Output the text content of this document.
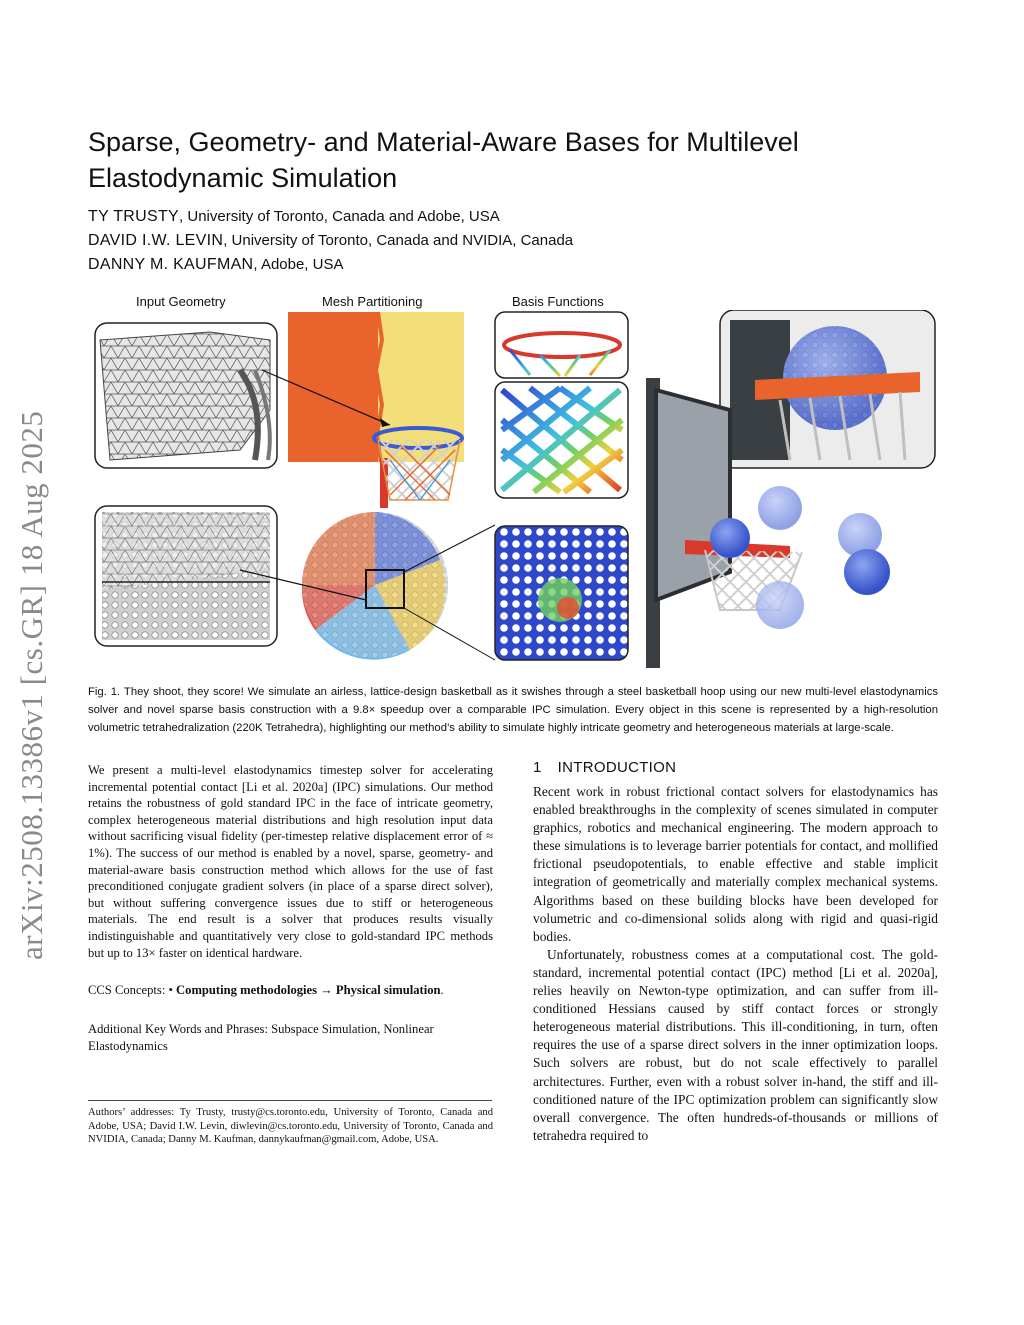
arXiv:2508.13386v1 [cs.GR] 18 Aug 2025
Sparse, Geometry- and Material-Aware Bases for Multilevel Elastodynamic Simulation
TY TRUSTY, University of Toronto, Canada and Adobe, USA
DAVID I.W. LEVIN, University of Toronto, Canada and NVIDIA, Canada
DANNY M. KAUFMAN, Adobe, USA
Input Geometry	Mesh Partitioning	Basis Functions
Fig. 1. They shoot, they score! We simulate an airless, lattice-design basketball as it swishes through a steel basketball hoop using our new multi-level elastodynamics solver and novel sparse basis construction with a 9.8× speedup over a comparable IPC simulation. Every object in this scene is represented by a high-resolution volumetric tetrahedralization (220K Tetrahedra), highlighting our method’s ability to simulate highly intricate geometry and heterogeneous materials at large-scale.
We present a multi-level elastodynamics timestep solver for accelerating incremental potential contact [Li et al. 2020a] (IPC) simulations. Our method retains the robustness of gold standard IPC in the face of intricate geometry, complex heterogeneous material distributions and high resolution input data without sacrificing visual fidelity (per-timestep relative displacement error of ≈ 1%). The success of our method is enabled by a novel, sparse, geometry- and material-aware basis construction method which allows for the use of fast preconditioned conjugate gradient solvers (in place of a sparse direct solver), but without suffering convergence issues due to stiff or heterogeneous materials. The end result is a solver that produces results visually indistinguishable and quantitatively very close to gold-standard IPC methods but up to 13× faster on identical hardware.
CCS Concepts: • Computing methodologies → Physical simulation.
Additional Key Words and Phrases: Subspace Simulation, Nonlinear Elastodynamics
Authors’ addresses: Ty Trusty, trusty@cs.toronto.edu, University of Toronto, Canada and Adobe, USA; David I.W. Levin, diwlevin@cs.toronto.edu, University of Toronto, Canada and NVIDIA, Canada; Danny M. Kaufman, dannykaufman@gmail.com, Adobe, USA.
1 INTRODUCTION

Recent work in robust frictional contact solvers for elastodynamics has enabled breakthroughs in the complexity of scenes simulated in computer graphics, robotics and mechanical engineering. The modern approach to these simulations is to leverage barrier potentials for contact, and mollified frictional pseudopotentials, to enable effective and stable implicit integration of geometrically and materially complex mechanical systems. Algorithms based on these building blocks have been developed for volumetric and co-dimensional solids along with rigid and quasi-rigid bodies.

Unfortunately, robustness comes at a computational cost. The gold-standard, incremental potential contact (IPC) method [Li et al. 2020a], relies heavily on Newton-type optimization, and can suffer from ill-conditioned Hessians caused by stiff contact forces or strongly heterogeneous material distributions. This ill-conditioning, in turn, often requires the use of a sparse direct solvers in the inner optimization loops. Such solvers are robust, but do not scale effectively to parallel architectures. Further, even with a robust solver in-hand, the stiff and ill-conditioned nature of the IPC optimization problem can significantly slow overall convergence. The often hundreds-of-thousands or millions of tetrahedra required to
